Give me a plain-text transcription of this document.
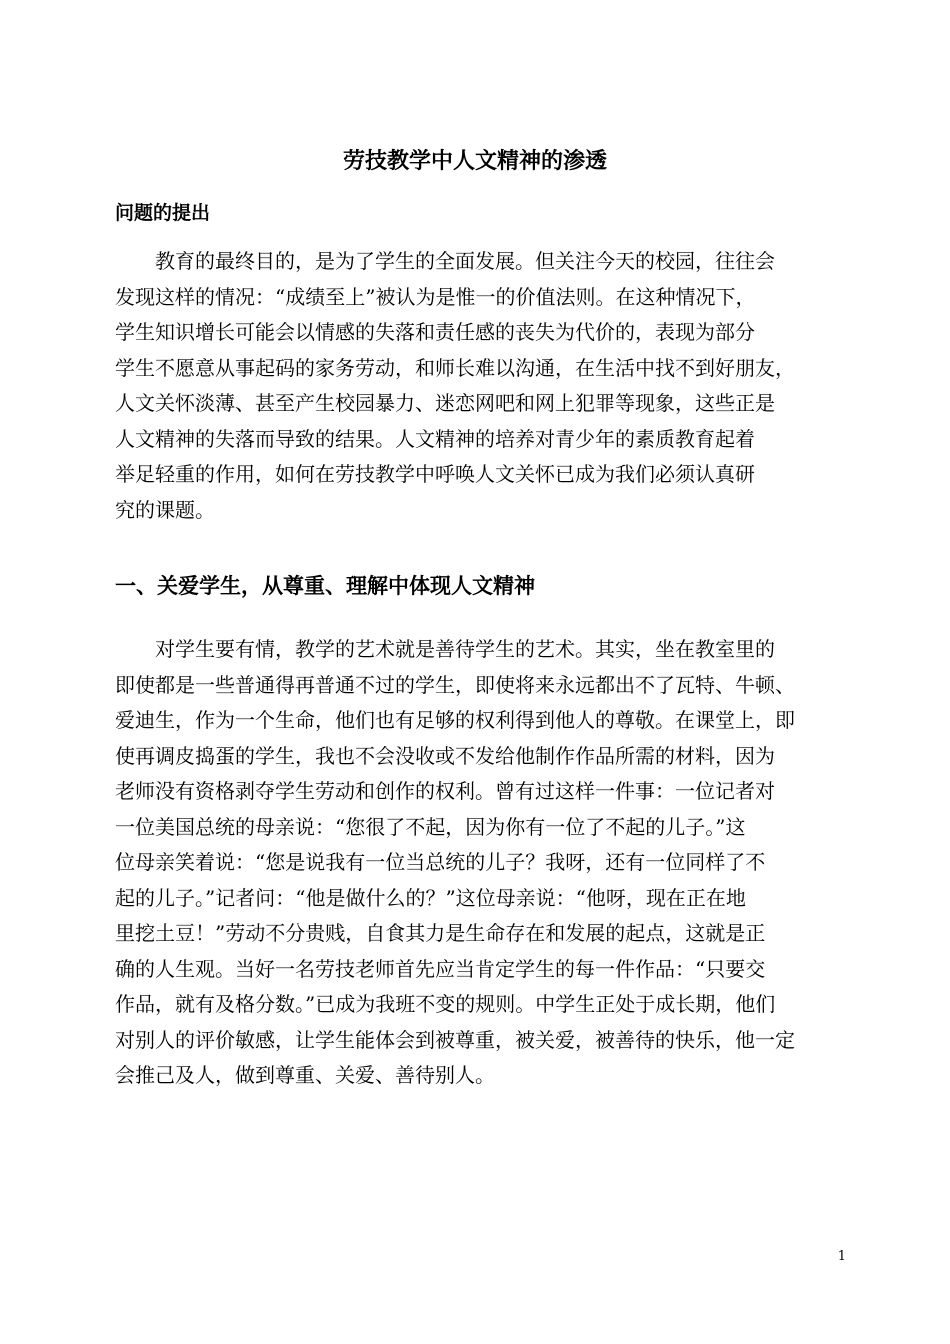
劳技教学中人文精神的渗透
问题的提出
　　教育的最终目的，是为了学生的全面发展。但关注今天的校园，往往会
发现这样的情况：“成绩至上”被认为是惟一的价值法则。在这种情况下，
学生知识增长可能会以情感的失落和责任感的丧失为代价的，表现为部分
学生不愿意从事起码的家务劳动，和师长难以沟通，在生活中找不到好朋友，
人文关怀淡薄、甚至产生校园暴力、迷恋网吧和网上犯罪等现象，这些正是
人文精神的失落而导致的结果。人文精神的培养对青少年的素质教育起着
举足轻重的作用，如何在劳技教学中呼唤人文关怀已成为我们必须认真研
究的课题。
一、关爱学生，从尊重、理解中体现人文精神
　　对学生要有情，教学的艺术就是善待学生的艺术。其实，坐在教室里的
即使都是一些普通得再普通不过的学生，即使将来永远都出不了瓦特、牛顿、
爱迪生，作为一个生命，他们也有足够的权利得到他人的尊敬。在课堂上，即
使再调皮捣蛋的学生，我也不会没收或不发给他制作作品所需的材料，因为
老师没有资格剥夺学生劳动和创作的权利。曾有过这样一件事：一位记者对
一位美国总统的母亲说：“您很了不起，因为你有一位了不起的儿子。”这
位母亲笑着说：“您是说我有一位当总统的儿子？我呀，还有一位同样了不
起的儿子。”记者问：“他是做什么的？”这位母亲说：“他呀，现在正在地
里挖土豆！”劳动不分贵贱，自食其力是生命存在和发展的起点，这就是正
确的人生观。当好一名劳技老师首先应当肯定学生的每一件作品：“只要交
作品，就有及格分数。”已成为我班不变的规则。中学生正处于成长期，他们
对别人的评价敏感，让学生能体会到被尊重，被关爱，被善待的快乐，他一定
会推己及人，做到尊重、关爱、善待别人。
1
